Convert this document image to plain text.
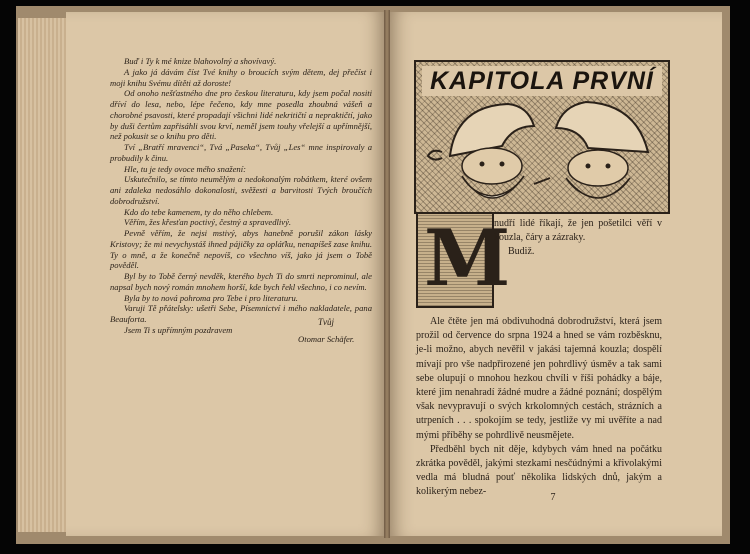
Buď i Ty k mé knize blahovolný a shovívavý.

A jako já dávám číst Tvé knihy o broucích svým dětem, dej přečíst i moji knihu Svému dítěti až doroste!

Od onoho nešťastného dne pro českou literaturu, kdy jsem počal nositi dříví do lesa, nebo, lépe řečeno, kdy mne posedla zhoubná vášeň a chorobné psavosti, které propadají všichni lidé nekritičtí a nepraktičtí, jako by duši čertům zapřisáhli svou krví, neměl jsem touhy vřelejší a upřímnější, než pokusit se o knihu pro děti.

Tví „Bratří mravenci“, Tvá „Paseka“, Tvůj „Les“ mne inspirovaly a probudily k činu.

Hle, tu je tedy ovoce mého snažení:

Uskutečnilo, se tímto neumělým a nedokonalým robátkem, které ovšem ani zdaleka nedosáhlo dokonalosti, svěžesti a barvitosti Tvých broučích dobrodružství.

Kdo do tebe kamenem, ty do něho chlebem.

Věřím, žes křesťan poctivý, čestný a spravedlivý.

Pevně věřím, že nejsi mstivý, abys hanebně porušil zákon lásky Kristovy; že mi nevychystáš ihned pájičky za opláťku, nenapíšeš zase knihu. Ty o mně, a že konečně nepovíš, co všechno víš, jako já jsem o Tobě pověděl.

Byl by to Tobě černý nevděk, kterého bych Ti do smrti neprominul, ale napsal bych nový román mnohem horší, kde bych řekl všechno, i co nevím.

Byla by to nová pohroma pro Tebe i pro literaturu.

Varuji Tě přátelsky: ušetři Sebe, Písemnictví i mého nakladatele, pana Beauforta.

Jsem Ti s upřímným pozdravem

Tvůj
Otomar Schäfer.
KAPITOLA PRVNÍ
M

nudří lidé říkají, že jen pošetilci věří v kouzla, čáry a zázraky.

Budiž.

Ale čtěte jen má obdivuhodná dobrodružství, která jsem prožil od července do srpna 1924 a hned se vám rozběsknu, je-li možno, abych nevěřil v jakási tajemná kouzla; dospělí mívají pro vše nadpřirozené jen pohrdlivý úsměv a tak sami sebe olupují o mnohou hezkou chvíli v říši pohádky a báje, které jim nenahradí žádné mudre a žádné poznání; dospělým však nevypravují o svých krkolomných cestách, strázních a utrpeních . . . spokojím se tedy, jestliže vy mi uvěříte a nad mými příběhy se pohrdlivě neusmějete.

Předběhl bych nit děje, kdybych vám hned na počátku zkrátka pověděl, jakými stezkami nesčúdnými a křivolakými vedla má bludná pouť několika lidských dnů, jakým a kolikerým nebez-

7
